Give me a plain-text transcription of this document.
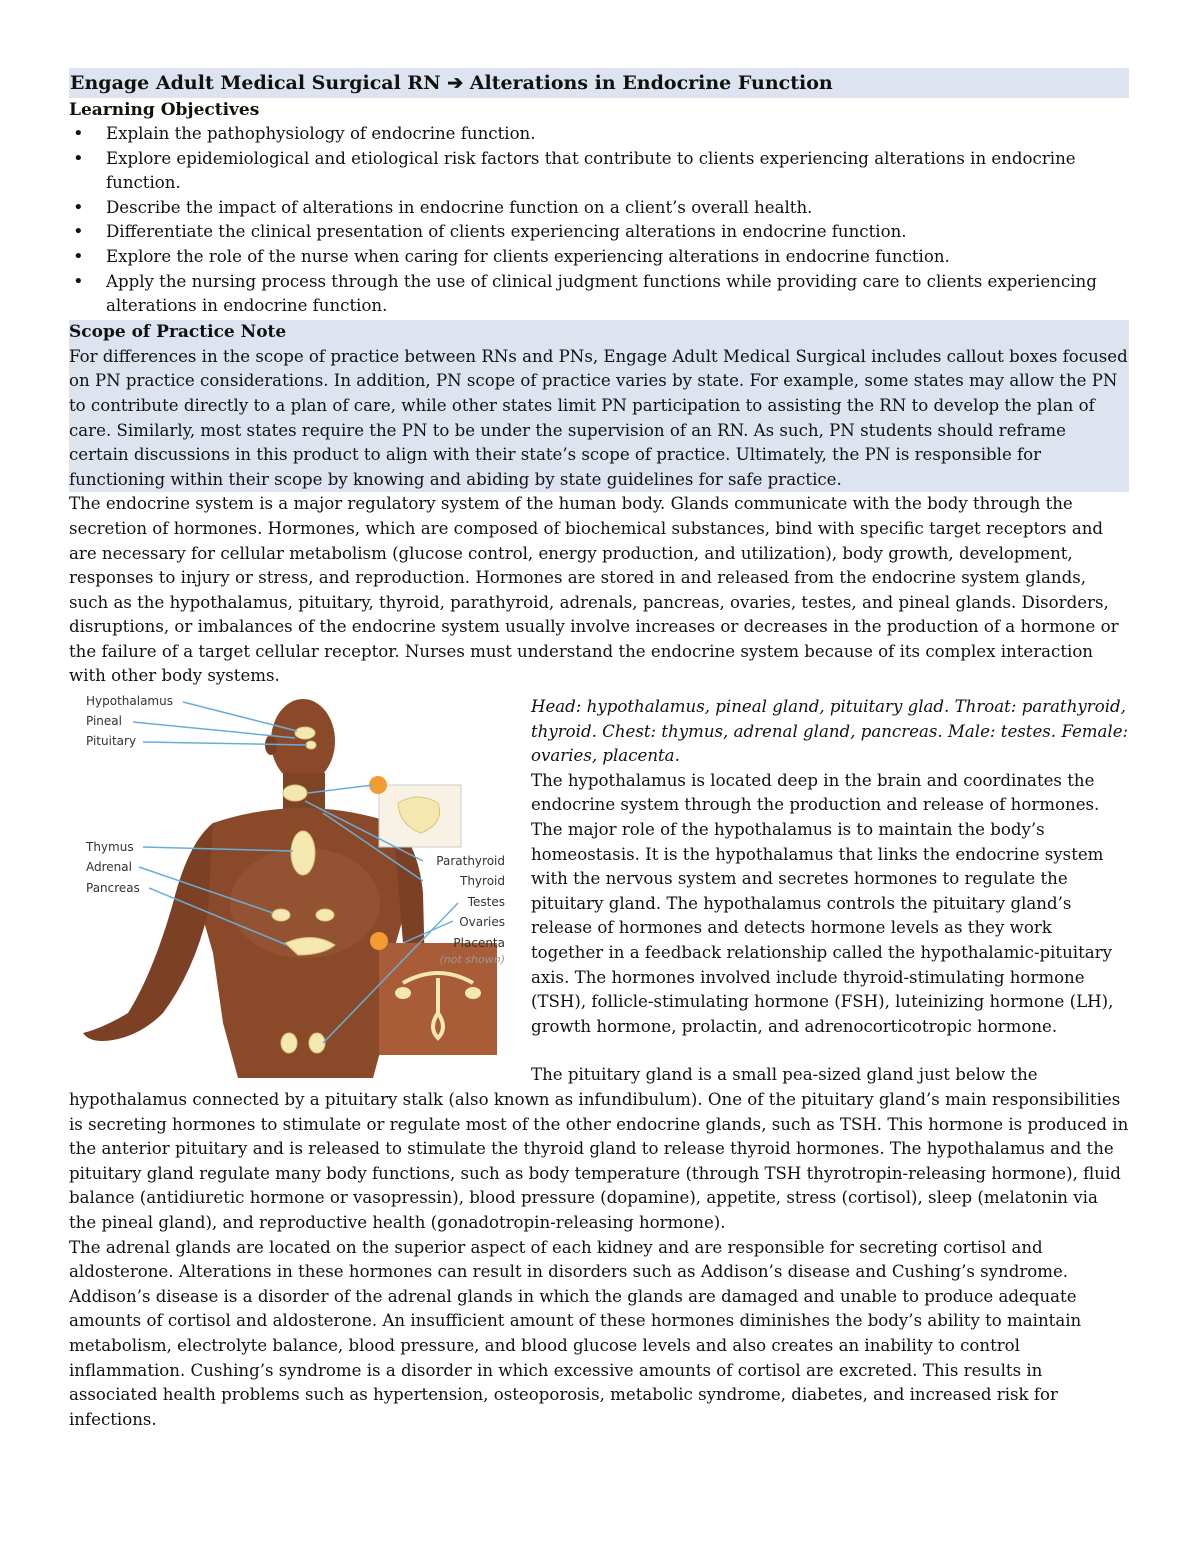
Engage Adult Medical Surgical RN ➔ Alterations in Endocrine Function
Learning Objectives
• Explain the pathophysiology of endocrine function.
• Explore epidemiological and etiological risk factors that contribute to clients experiencing alterations in endocrine function.
• Describe the impact of alterations in endocrine function on a client’s overall health.
• Differentiate the clinical presentation of clients experiencing alterations in endocrine function.
• Explore the role of the nurse when caring for clients experiencing alterations in endocrine function.
• Apply the nursing process through the use of clinical judgment functions while providing care to clients experiencing alterations in endocrine function.
Scope of Practice Note

For differences in the scope of practice between RNs and PNs, Engage Adult Medical Surgical includes callout boxes focused on PN practice considerations. In addition, PN scope of practice varies by state. For example, some states may allow the PN to contribute directly to a plan of care, while other states limit PN participation to assisting the RN to develop the plan of care. Similarly, most states require the PN to be under the supervision of an RN. As such, PN students should reframe certain discussions in this product to align with their state’s scope of practice. Ultimately, the PN is responsible for functioning within their scope by knowing and abiding by state guidelines for safe practice.

The endocrine system is a major regulatory system of the human body. Glands communicate with the body through the secretion of hormones. Hormones, which are composed of biochemical substances, bind with specific target receptors and are necessary for cellular metabolism (glucose control, energy production, and utilization), body growth, development, responses to injury or stress, and reproduction. Hormones are stored in and released from the endocrine system glands, such as the hypothalamus, pituitary, thyroid, parathyroid, adrenals, pancreas, ovaries, testes, and pineal glands. Disorders, disruptions, or imbalances of the endocrine system usually involve increases or decreases in the production of a hormone or the failure of a target cellular receptor. Nurses must understand the endocrine system because of its complex interaction with other body systems.

Hypothalamus
Pineal
Pituitary
Thymus
Adrenal
Pancreas
Parathyroid
Thyroid
Testes
Ovaries
Placenta
(not shown)

Head: hypothalamus, pineal gland, pituitary glad. Throat: parathyroid, thyroid. Chest: thymus, adrenal gland, pancreas. Male: testes. Female: ovaries, placenta.

The hypothalamus is located deep in the brain and coordinates the endocrine system through the production and release of hormones. The major role of the hypothalamus is to maintain the body’s homeostasis. It is the hypothalamus that links the endocrine system with the nervous system and secretes hormones to regulate the pituitary gland. The hypothalamus controls the pituitary gland’s release of hormones and detects hormone levels as they work together in a feedback relationship called the hypothalamic-pituitary axis. The hormones involved include thyroid-stimulating hormone (TSH), follicle-stimulating hormone (FSH), luteinizing hormone (LH), growth hormone, prolactin, and adrenocorticotropic hormone.

The pituitary gland is a small pea-sized gland just below the hypothalamus connected by a pituitary stalk (also known as infundibulum). One of the pituitary gland’s main responsibilities is secreting hormones to stimulate or regulate most of the other endocrine glands, such as TSH. This hormone is produced in the anterior pituitary and is released to stimulate the thyroid gland to release thyroid hormones. The hypothalamus and the pituitary gland regulate many body functions, such as body temperature (through TSH thyrotropin-releasing hormone), fluid balance (antidiuretic hormone or vasopressin), blood pressure (dopamine), appetite, stress (cortisol), sleep (melatonin via the pineal gland), and reproductive health (gonadotropin-releasing hormone).

The adrenal glands are located on the superior aspect of each kidney and are responsible for secreting cortisol and aldosterone. Alterations in these hormones can result in disorders such as Addison’s disease and Cushing’s syndrome. Addison’s disease is a disorder of the adrenal glands in which the glands are damaged and unable to produce adequate amounts of cortisol and aldosterone. An insufficient amount of these hormones diminishes the body’s ability to maintain metabolism, electrolyte balance, blood pressure, and blood glucose levels and also creates an inability to control inflammation. Cushing’s syndrome is a disorder in which excessive amounts of cortisol are excreted. This results in associated health problems such as hypertension, osteoporosis, metabolic syndrome, diabetes, and increased risk for infections.
